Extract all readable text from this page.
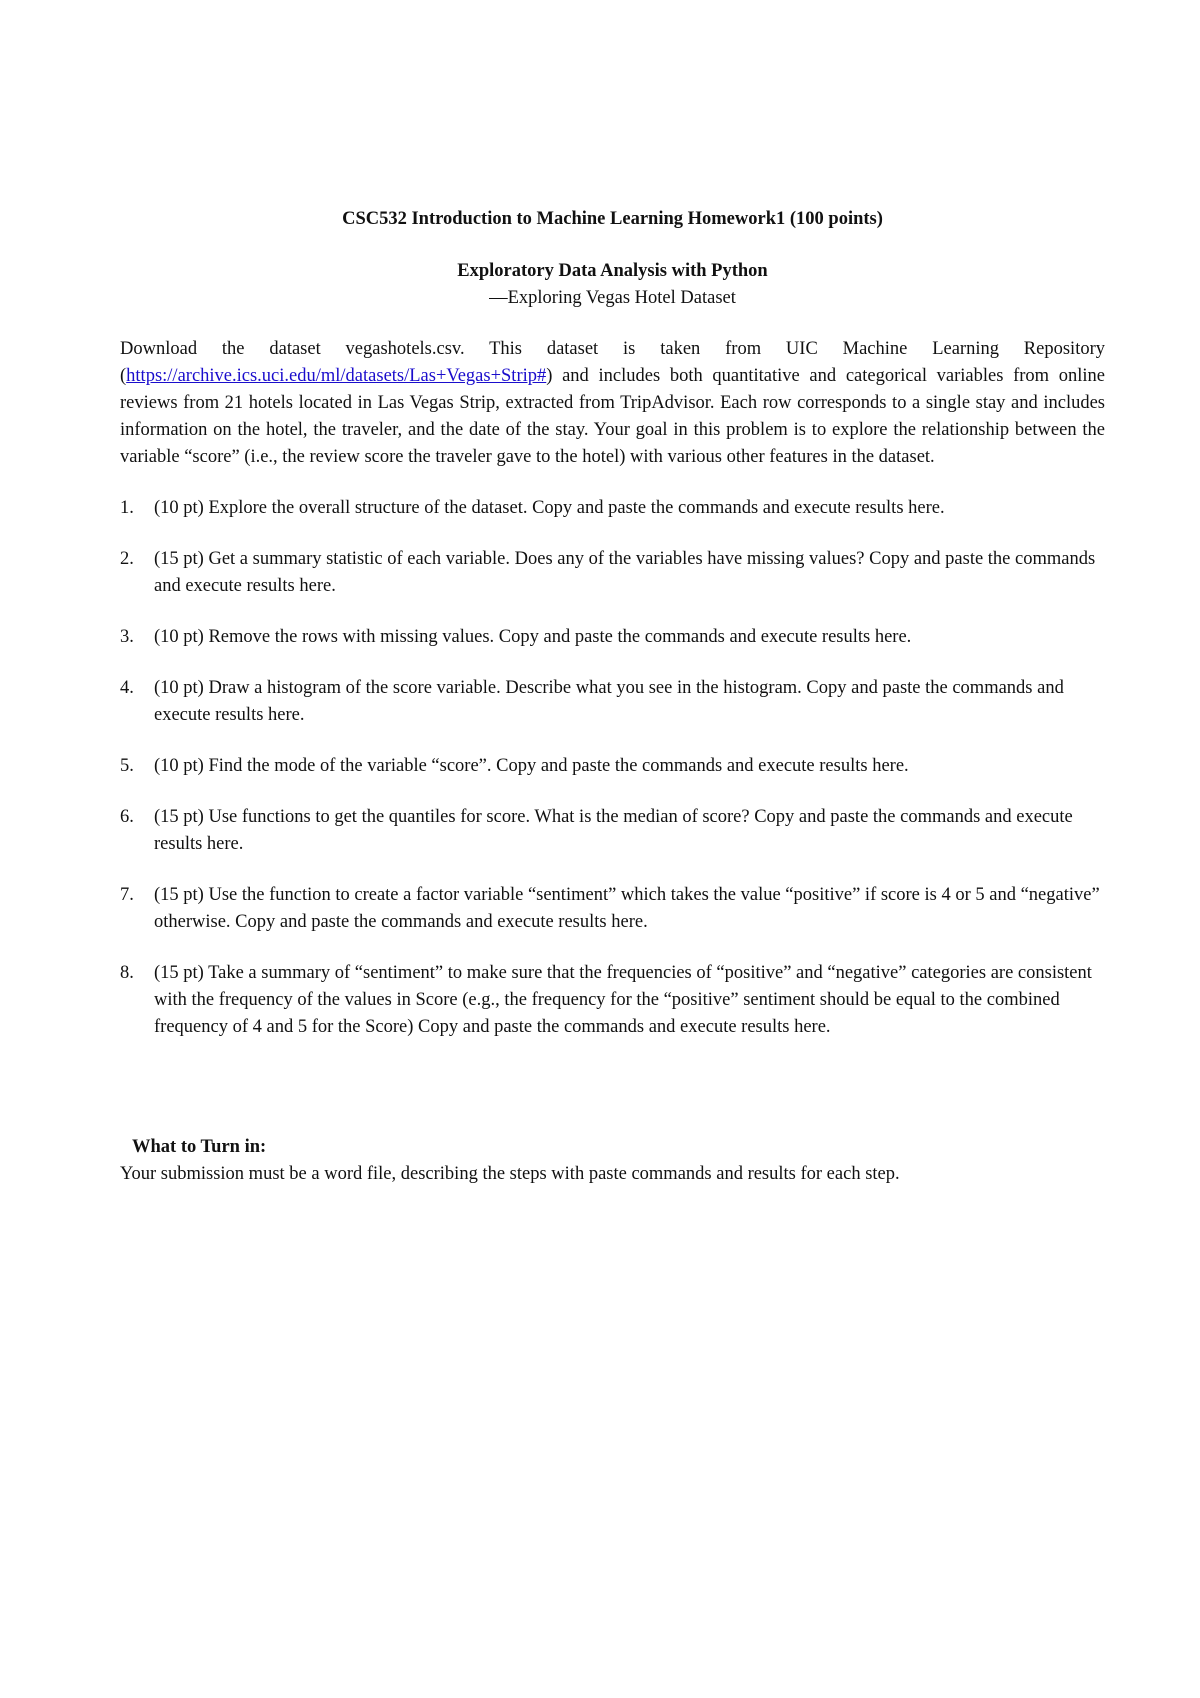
CSC532 Introduction to Machine Learning Homework1 (100 points)

Exploratory Data Analysis with Python

—Exploring Vegas Hotel Dataset

Download the dataset vegashotels.csv. This dataset is taken from UIC Machine Learning Repository (https://archive.ics.uci.edu/ml/datasets/Las+Vegas+Strip#) and includes both quantitative and categorical variables from online reviews from 21 hotels located in Las Vegas Strip, extracted from TripAdvisor. Each row corresponds to a single stay and includes information on the hotel, the traveler, and the date of the stay. Your goal in this problem is to explore the relationship between the variable “score” (i.e., the review score the traveler gave to the hotel) with various other features in the dataset.

1. (10 pt) Explore the overall structure of the dataset. Copy and paste the commands and execute results here.
2. (15 pt) Get a summary statistic of each variable. Does any of the variables have missing values? Copy and paste the commands and execute results here.
3. (10 pt) Remove the rows with missing values. Copy and paste the commands and execute results here.
4. (10 pt) Draw a histogram of the score variable. Describe what you see in the histogram. Copy and paste the commands and execute results here.
5. (10 pt) Find the mode of the variable “score”. Copy and paste the commands and execute results here.
6. (15 pt) Use functions to get the quantiles for score. What is the median of score? Copy and paste the commands and execute results here.
7. (15 pt) Use the function to create a factor variable “sentiment” which takes the value “positive” if score is 4 or 5 and “negative” otherwise. Copy and paste the commands and execute results here.
8. (15 pt) Take a summary of “sentiment” to make sure that the frequencies of “positive” and “negative” categories are consistent with the frequency of the values in Score (e.g., the frequency for the “positive” sentiment should be equal to the combined frequency of 4 and 5 for the Score) Copy and paste the commands and execute results here.

What to Turn in:

Your submission must be a word file, describing the steps with paste commands and results for each step.
